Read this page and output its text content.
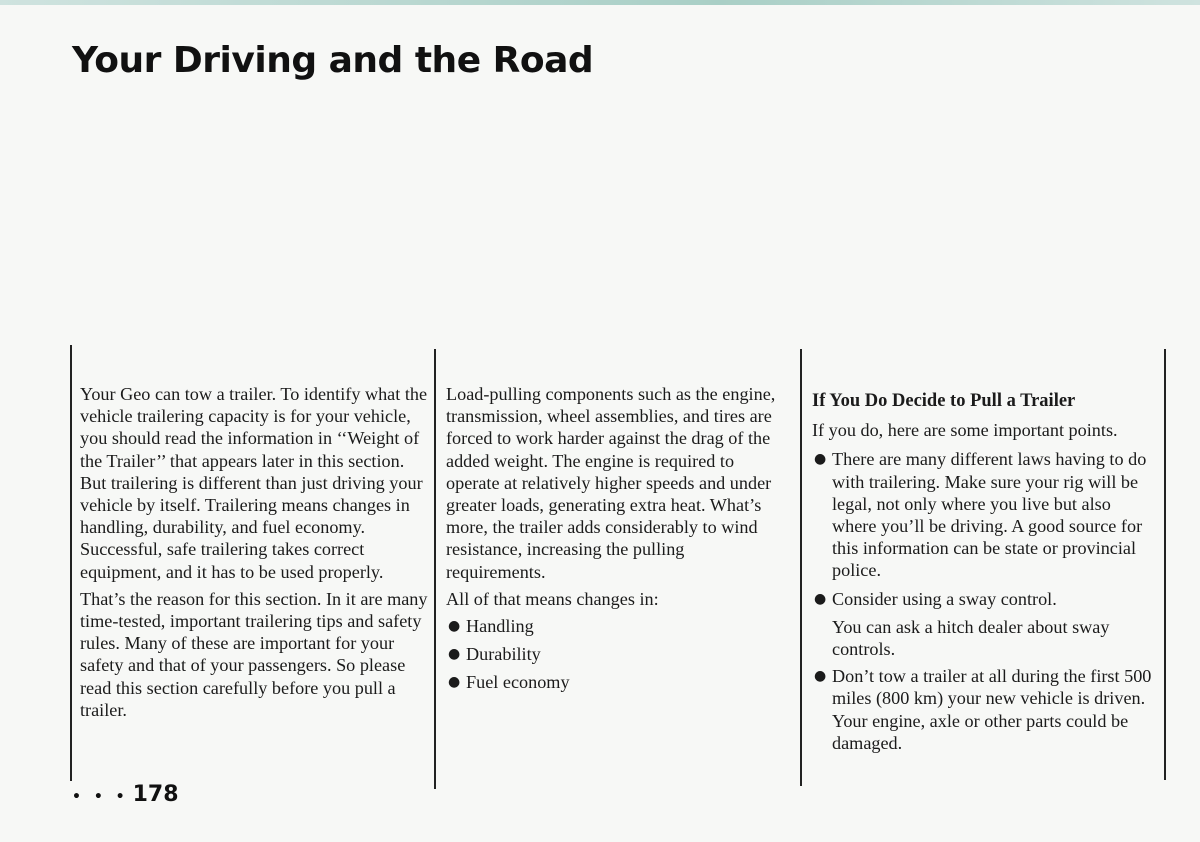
Your Driving and the Road

Your Geo can tow a trailer. To identify what the vehicle trailering capacity is for your vehicle, you should read the information in ‘‘Weight of the Trailer’’ that appears later in this section. But trailering is different than just driving your vehicle by itself. Trailering means changes in handling, durability, and fuel economy. Successful, safe trailering takes correct equipment, and it has to be used properly.

That’s the reason for this section. In it are many time-tested, important trailering tips and safety rules. Many of these are important for your safety and that of your passengers. So please read this section carefully before you pull a trailer.

Load-pulling components such as the engine, transmission, wheel assemblies, and tires are forced to work harder against the drag of the added weight. The engine is required to operate at relatively higher speeds and under greater loads, generating extra heat. What’s more, the trailer adds considerably to wind resistance, increasing the pulling requirements.

All of that means changes in:

● Handling
● Durability
● Fuel economy
If You Do Decide to Pull a Trailer

If you do, here are some important points.

● There are many different laws having to do with trailering. Make sure your rig will be legal, not only where you live but also where you’ll be driving. A good source for this information can be state or provincial police.
● Consider using a sway control.

You can ask a hitch dealer about sway controls.

● Don’t tow a trailer at all during the first 500 miles (800 km) your new vehicle is driven. Your engine, axle or other parts could be damaged.
• • • 178
